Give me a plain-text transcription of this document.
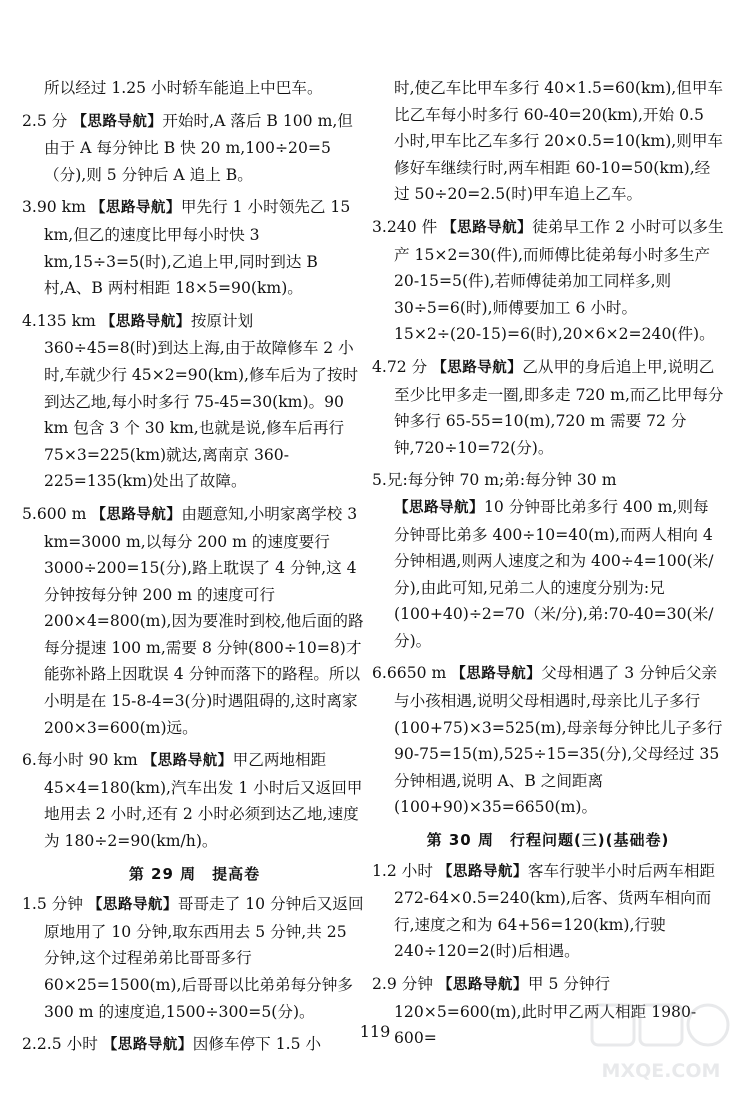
所以经过 1.25 小时轿车能追上中巴车。

2.5 分 【思路导航】开始时,A 落后 B 100 m,但由于 A 每分钟比 B 快 20 m,100÷20=5（分),则 5 分钟后 A 追上 B。

3.90 km 【思路导航】甲先行 1 小时领先乙 15 km,但乙的速度比甲每小时快 3 km,15÷3=5(时),乙追上甲,同时到达 B 村,A、B 两村相距 18×5=90(km)。

4.135 km 【思路导航】按原计划 360÷45=8(时)到达上海,由于故障修车 2 小时,车就少行 45×2=90(km),修车后为了按时到达乙地,每小时多行 75-45=30(km)。90 km 包含 3 个 30 km,也就是说,修车后再行 75×3=225(km)就达,离南京 360-225=135(km)处出了故障。

5.600 m 【思路导航】由题意知,小明家离学校 3 km=3000 m,以每分 200 m 的速度要行 3000÷200=15(分),路上耽误了 4 分钟,这 4 分钟按每分钟 200 m 的速度可行 200×4=800(m),因为要准时到校,他后面的路每分提速 100 m,需要 8 分钟(800÷10=8)才能弥补路上因耽误 4 分钟而落下的路程。所以小明是在 15-8-4=3(分)时遇阻碍的,这时离家 200×3=600(m)远。

6.每小时 90 km 【思路导航】甲乙两地相距 45×4=180(km),汽车出发 1 小时后又返回甲地用去 2 小时,还有 2 小时必须到达乙地,速度为 180÷2=90(km/h)。

第 29 周　提高卷

1.5 分钟 【思路导航】哥哥走了 10 分钟后又返回原地用了 10 分钟,取东西用去 5 分钟,共 25 分钟,这个过程弟弟比哥哥多行 60×25=1500(m),后哥哥以比弟弟每分钟多 300 m 的速度追,1500÷300=5(分)。

2.2.5 小时 【思路导航】因修车停下 1.5 小

时,使乙车比甲车多行 40×1.5=60(km),但甲车比乙车每小时多行 60-40=20(km),开始 0.5 小时,甲车比乙车多行 20×0.5=10(km),则甲车修好车继续行时,两车相距 60-10=50(km),经过 50÷20=2.5(时)甲车追上乙车。

3.240 件 【思路导航】徒弟早工作 2 小时可以多生产 15×2=30(件),而师傅比徒弟每小时多生产 20-15=5(件),若师傅徒弟加工同样多,则 30÷5=6(时),师傅要加工 6 小时。15×2÷(20-15)=6(时),20×6×2=240(件)。

4.72 分 【思路导航】乙从甲的身后追上甲,说明乙至少比甲多走一圈,即多走 720 m,而乙比甲每分钟多行 65-55=10(m),720 m 需要 72 分钟,720÷10=72(分)。

5.兄:每分钟 70 m;弟:每分钟 30 m
【思路导航】10 分钟哥比弟多行 400 m,则每分钟哥比弟多 400÷10=40(m),而两人相向 4 分钟相遇,则两人速度之和为 400÷4=100(米/分),由此可知,兄弟二人的速度分别为:兄(100+40)÷2=70（米/分),弟:70-40=30(米/分)。

6.6650 m 【思路导航】父母相遇了 3 分钟后父亲与小孩相遇,说明父母相遇时,母亲比儿子多行(100+75)×3=525(m),母亲每分钟比儿子多行 90-75=15(m),525÷15=35(分),父母经过 35 分钟相遇,说明 A、B 之间距离(100+90)×35=6650(m)。

第 30 周　行程问题(三)(基础卷)

1.2 小时 【思路导航】客车行驶半小时后两车相距 272-64×0.5=240(km),后客、货两车相向而行,速度之和为 64+56=120(km),行驶 240÷120=2(时)后相遇。

2.9 分钟 【思路导航】甲 5 分钟行 120×5=600(m),此时甲乙两人相距 1980-600=

119
MXQE.COM
